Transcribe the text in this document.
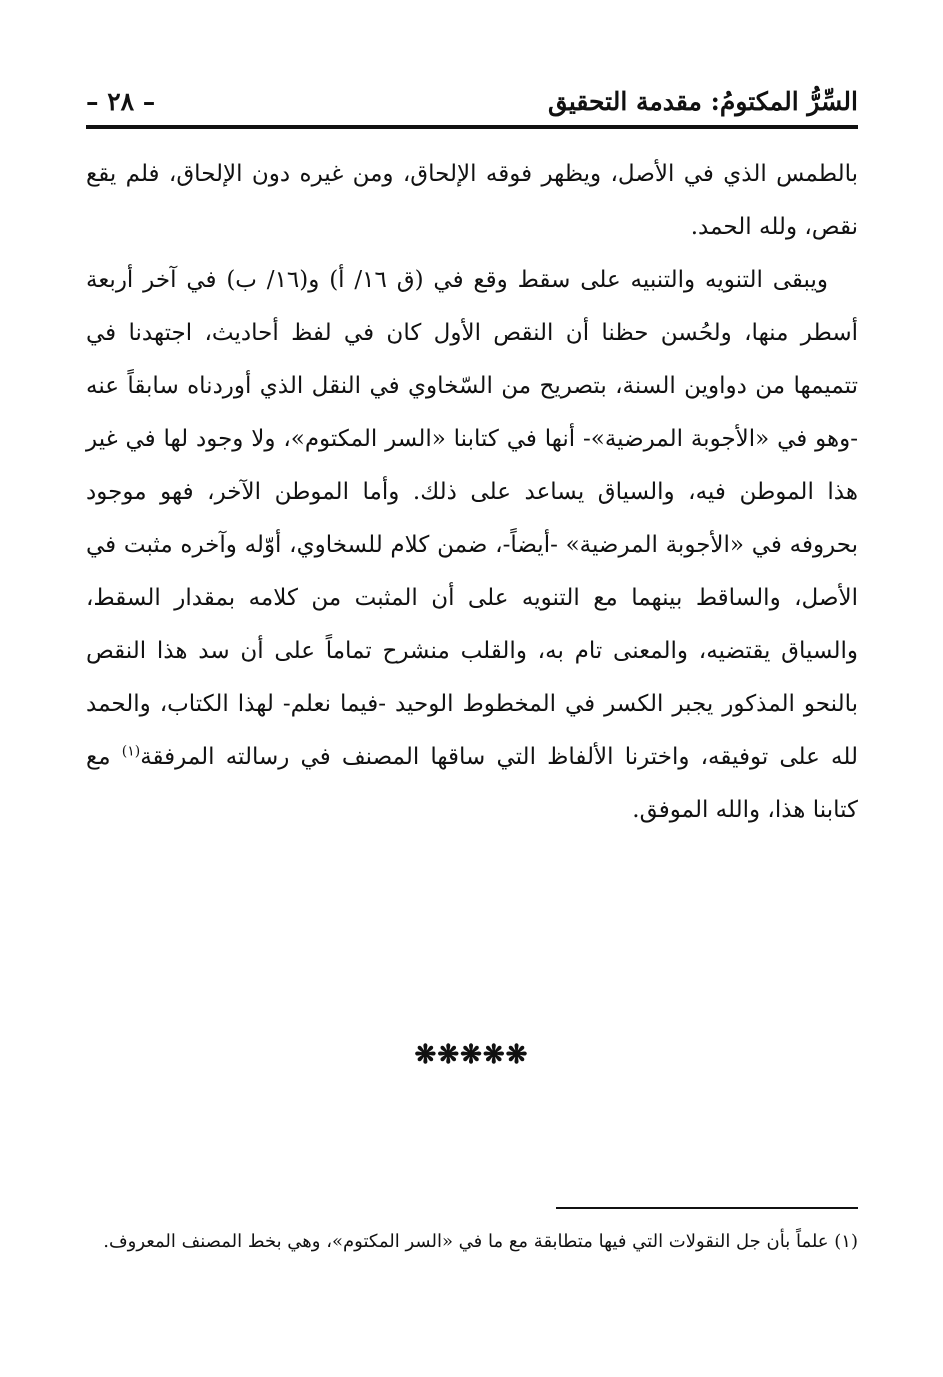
السِّرُّ المكتومُ: مقدمة التحقيق
– ٢٨ –

بالطمس الذي في الأصل، ويظهر فوقه الإلحاق، ومن غيره دون الإلحاق، فلم يقع نقص، ولله الحمد.

ويبقى التنويه والتنبيه على سقط وقع في (ق ١٦/ أ) و(١٦/ ب) في آخر أربعة أسطر منها، ولحُسن حظنا أن النقص الأول كان في لفظ أحاديث، اجتهدنا في تتميمها من دواوين السنة، بتصريح من السّخاوي في النقل الذي أوردناه سابقاً عنه -وهو في «الأجوبة المرضية»- أنها في كتابنا «السر المكتوم»، ولا وجود لها في غير هذا الموطن فيه، والسياق يساعد على ذلك. وأما الموطن الآخر، فهو موجود بحروفه في «الأجوبة المرضية» -أيضاً-، ضمن كلام للسخاوي، أوّله وآخره مثبت في الأصل، والساقط بينهما مع التنويه على أن المثبت من كلامه بمقدار السقط، والسياق يقتضيه، والمعنى تام به، والقلب منشرح تماماً على أن سد هذا النقص بالنحو المذكور يجبر الكسر في المخطوط الوحيد -فيما نعلم- لهذا الكتاب، والحمد لله على توفيقه، واخترنا الألفاظ التي ساقها المصنف في رسالته المرفقة$^{(١)}$ مع كتابنا هذا، والله الموفق.

❋❋❋❋❋
(١) علماً بأن جل النقولات التي فيها متطابقة مع ما في «السر المكتوم»، وهي بخط المصنف المعروف.
